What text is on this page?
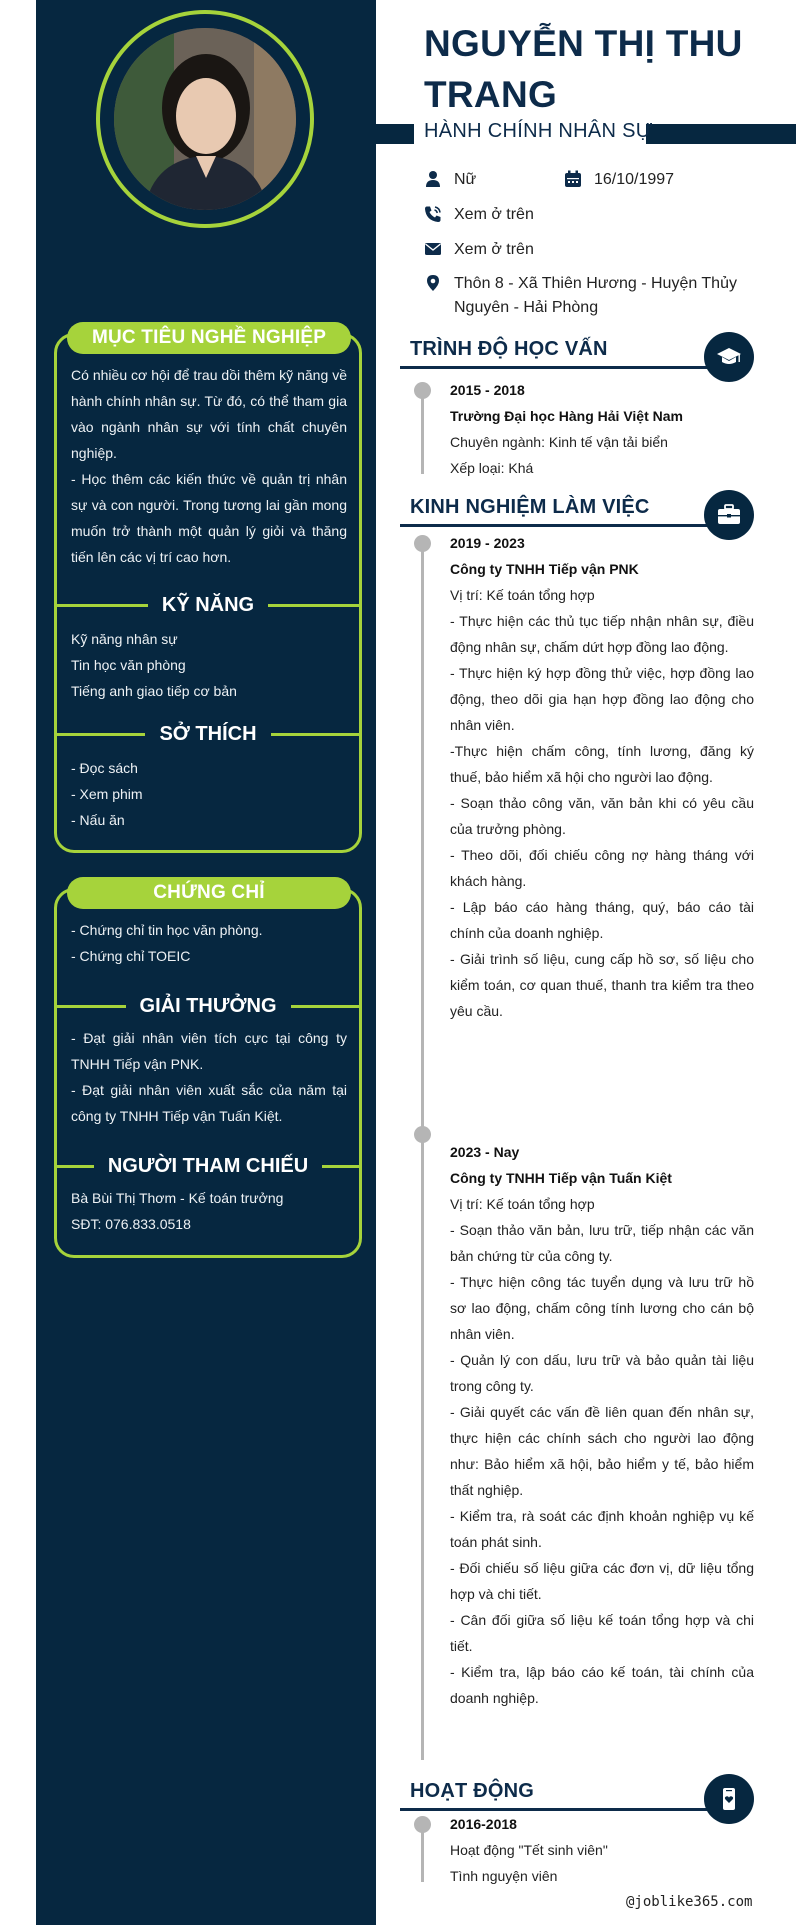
MỤC TIÊU NGHỀ NGHIỆP

Có nhiều cơ hội để trau dồi thêm kỹ năng về hành chính nhân sự. Từ đó, có thể tham gia vào ngành nhân sự với tính chất chuyên nghiệp.

- Học thêm các kiến thức về quản trị nhân sự và con người. Trong tương lai gần mong muốn trở thành một quản lý giỏi và thăng tiến lên các vị trí cao hơn.

KỸ NĂNG

Kỹ năng nhân sự

Tin học văn phòng

Tiếng anh giao tiếp cơ bản

SỞ THÍCH

- Đọc sách

- Xem phim

- Nấu ăn

CHỨNG CHỈ

- Chứng chỉ tin học văn phòng.

- Chứng chỉ TOEIC

GIẢI THƯỞNG

- Đạt giải nhân viên tích cực tại công ty TNHH Tiếp vận PNK.

- Đạt giải nhân viên xuất sắc của năm tại công ty TNHH Tiếp vận Tuấn Kiệt.

NGƯỜI THAM CHIẾU

Bà Bùi Thị Thơm - Kế toán trưởng

SĐT: 076.833.0518

NGUYỄN THỊ THU
TRANG
HÀNH CHÍNH NHÂN SỰ
Nữ	16/10/1997
Xem ở trên
Xem ở trên
Thôn 8 - Xã Thiên Hương - Huyện Thủy
Nguyên - Hải Phòng
TRÌNH ĐỘ HỌC VẤN

2015 - 2018

Trường Đại học Hàng Hải Việt Nam

Chuyên ngành: Kinh tế vận tải biển

Xếp loại: Khá

KINH NGHIỆM LÀM VIỆC

2019 - 2023

Công ty TNHH Tiếp vận PNK

Vị trí: Kế toán tổng hợp

- Thực hiện các thủ tục tiếp nhận nhân sự, điều động nhân sự, chấm dứt hợp đồng lao động.

- Thực hiện ký hợp đồng thử việc, hợp đồng lao động, theo dõi gia hạn hợp đồng lao động cho nhân viên.

-Thực hiện chấm công, tính lương, đăng ký thuế, bảo hiểm xã hội cho người lao động.

- Soạn thảo công văn, văn bản khi có yêu cầu của trưởng phòng.

- Theo dõi, đối chiếu công nợ hàng tháng với khách hàng.

- Lập báo cáo hàng tháng, quý, báo cáo tài chính của doanh nghiệp.

- Giải trình số liệu, cung cấp hồ sơ, số liệu cho kiểm toán, cơ quan thuế, thanh tra kiểm tra theo yêu cầu.

2023 - Nay

Công ty TNHH Tiếp vận Tuấn Kiệt

Vị trí: Kế toán tổng hợp

- Soạn thảo văn bản, lưu trữ, tiếp nhận các văn bản chứng từ của công ty.

- Thực hiện công tác tuyển dụng và lưu trữ hồ sơ lao động, chấm công tính lương cho cán bộ nhân viên.

- Quản lý con dấu, lưu trữ và bảo quản tài liệu trong công ty.

- Giải quyết các vấn đề liên quan đến nhân sự, thực hiện các chính sách cho người lao động như: Bảo hiểm xã hội, bảo hiểm y tế, bảo hiểm thất nghiệp.

- Kiểm tra, rà soát các định khoản nghiệp vụ kế toán phát sinh.

- Đối chiếu số liệu giữa các đơn vị, dữ liệu tổng hợp và chi tiết.

- Cân đối giữa số liệu kế toán tổng hợp và chi tiết.

- Kiểm tra, lập báo cáo kế toán, tài chính của doanh nghiệp.

HOẠT ĐỘNG

2016-2018

Hoạt động "Tết sinh viên"

Tình nguyện viên

@joblike365.com
